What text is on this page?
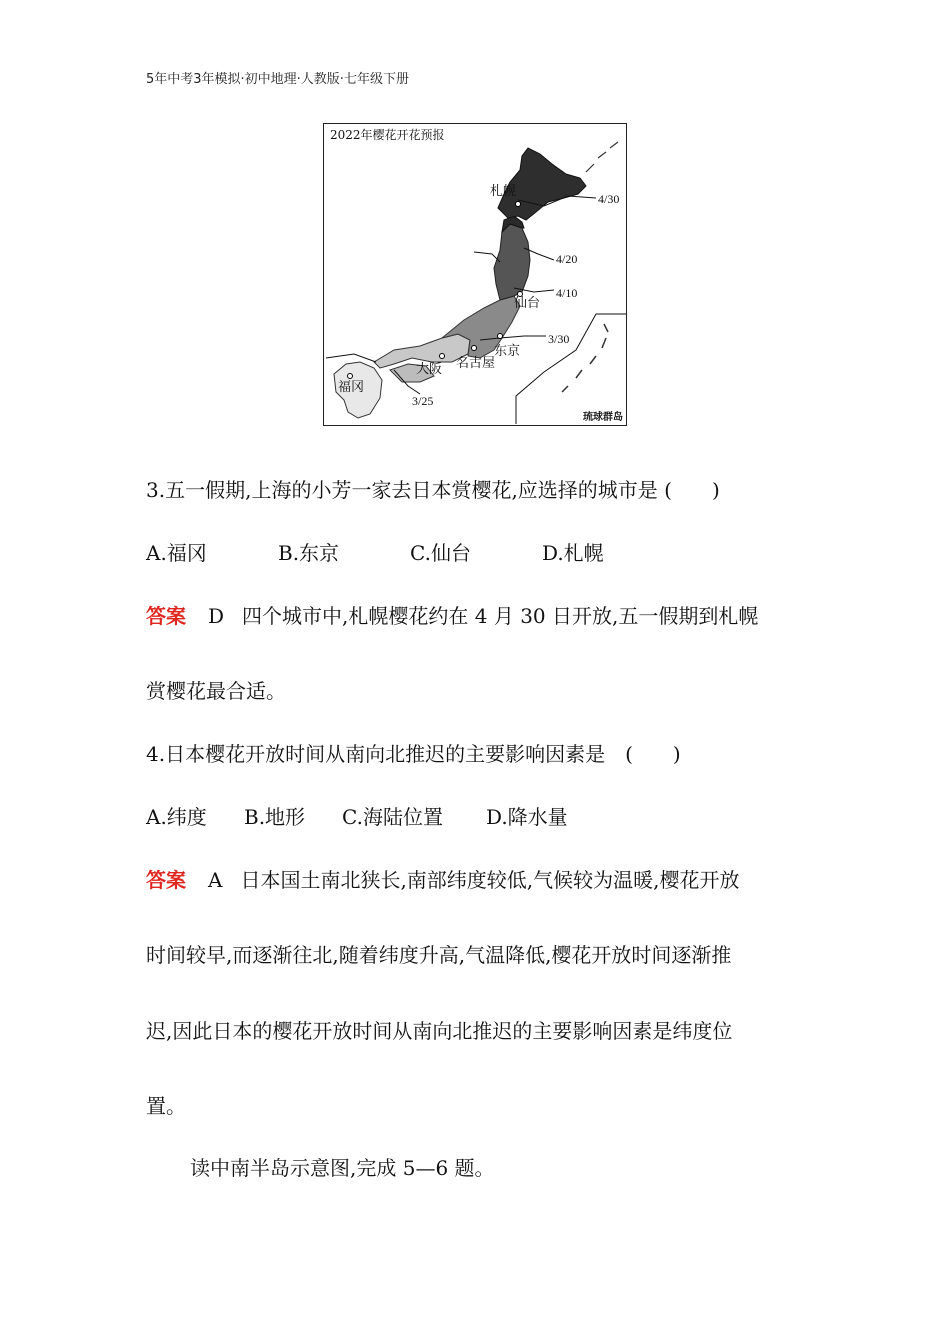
5年中考3年模拟·初中地理·人教版·七年级下册
2022年樱花开花预报
札幌
仙台
东京
名古屋
大阪
福冈
4/30
4/20
4/10
3/30
3/25
琉球群岛
3.五一假期,上海的小芳一家去日本赏樱花,应选择的城市是 (　　)
A.福冈	B.东京	C.仙台	D.札幌
答案 D 四个城市中,札幌樱花约在 4 月 30 日开放,五一假期到札幌
赏樱花最合适。
4.日本樱花开放时间从南向北推迟的主要影响因素是　(　　)
A.纬度	B.地形	C.海陆位置	D.降水量
答案 A 日本国土南北狭长,南部纬度较低,气候较为温暖,樱花开放
时间较早,而逐渐往北,随着纬度升高,气温降低,樱花开放时间逐渐推
迟,因此日本的樱花开放时间从南向北推迟的主要影响因素是纬度位
置。
读中南半岛示意图,完成 5—6 题。
